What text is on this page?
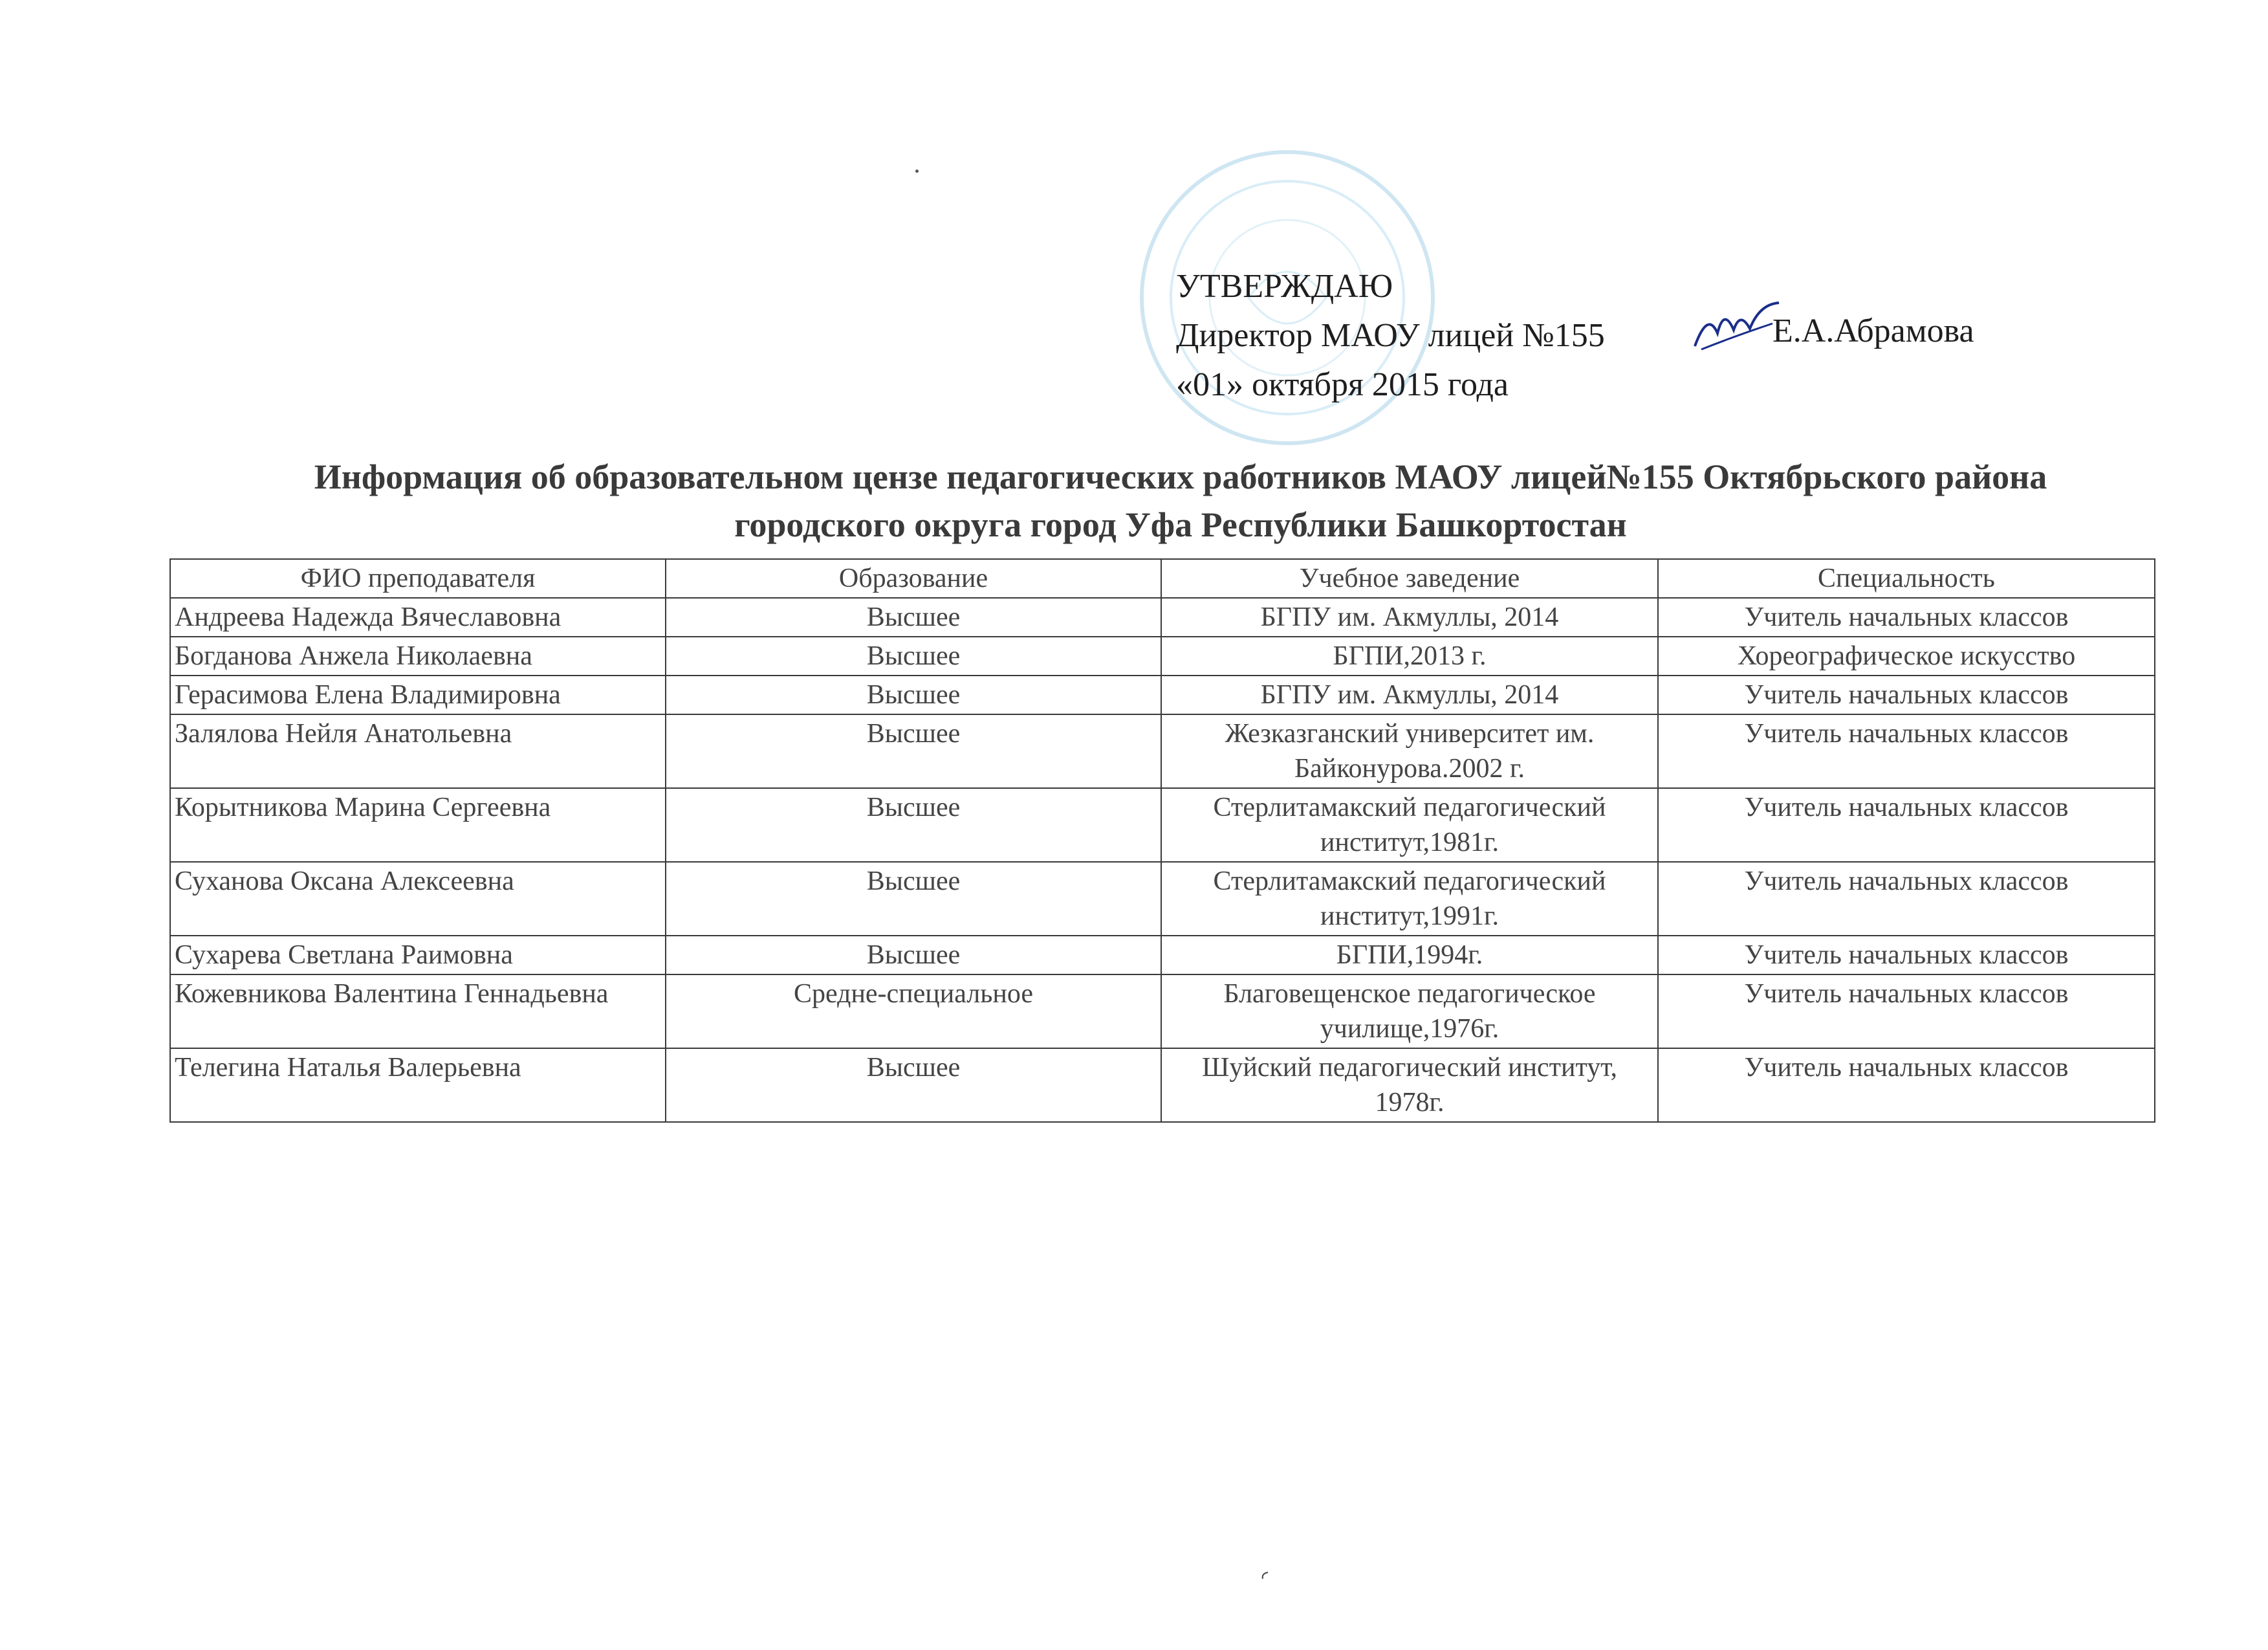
УТВЕРЖДАЮ
Директор МАОУ лицей №155
«01» октября 2015 года
Е.А.Абрамова
Информация об образовательном цензе педагогических работников МАОУ лицей№155 Октябрьского района
городского округа город Уфа Республики Башкортостан
ФИО преподавателя	Образование	Учебное заведение	Специальность
Андреева Надежда Вячеславовна	Высшее	БГПУ им. Акмуллы, 2014	Учитель начальных классов
Богданова Анжела Николаевна	Высшее	БГПИ,2013 г.	Хореографическое искусство
Герасимова Елена Владимировна	Высшее	БГПУ им. Акмуллы, 2014	Учитель начальных классов
Залялова Нейля Анатольевна	Высшее	Жезказганский университет им. Байконурова.2002 г.	Учитель начальных классов
Корытникова Марина Сергеевна	Высшее	Стерлитамакский педагогический институт,1981г.	Учитель начальных классов
Суханова Оксана Алексеевна	Высшее	Стерлитамакский педагогический институт,1991г.	Учитель начальных классов
Сухарева Светлана Раимовна	Высшее	БГПИ,1994г.	Учитель начальных классов
Кожевникова Валентина Геннадьевна	Средне-специальное	Благовещенское педагогическое училище,1976г.	Учитель начальных классов
Телегина Наталья Валерьевна	Высшее	Шуйский педагогический институт, 1978г.	Учитель начальных классов
